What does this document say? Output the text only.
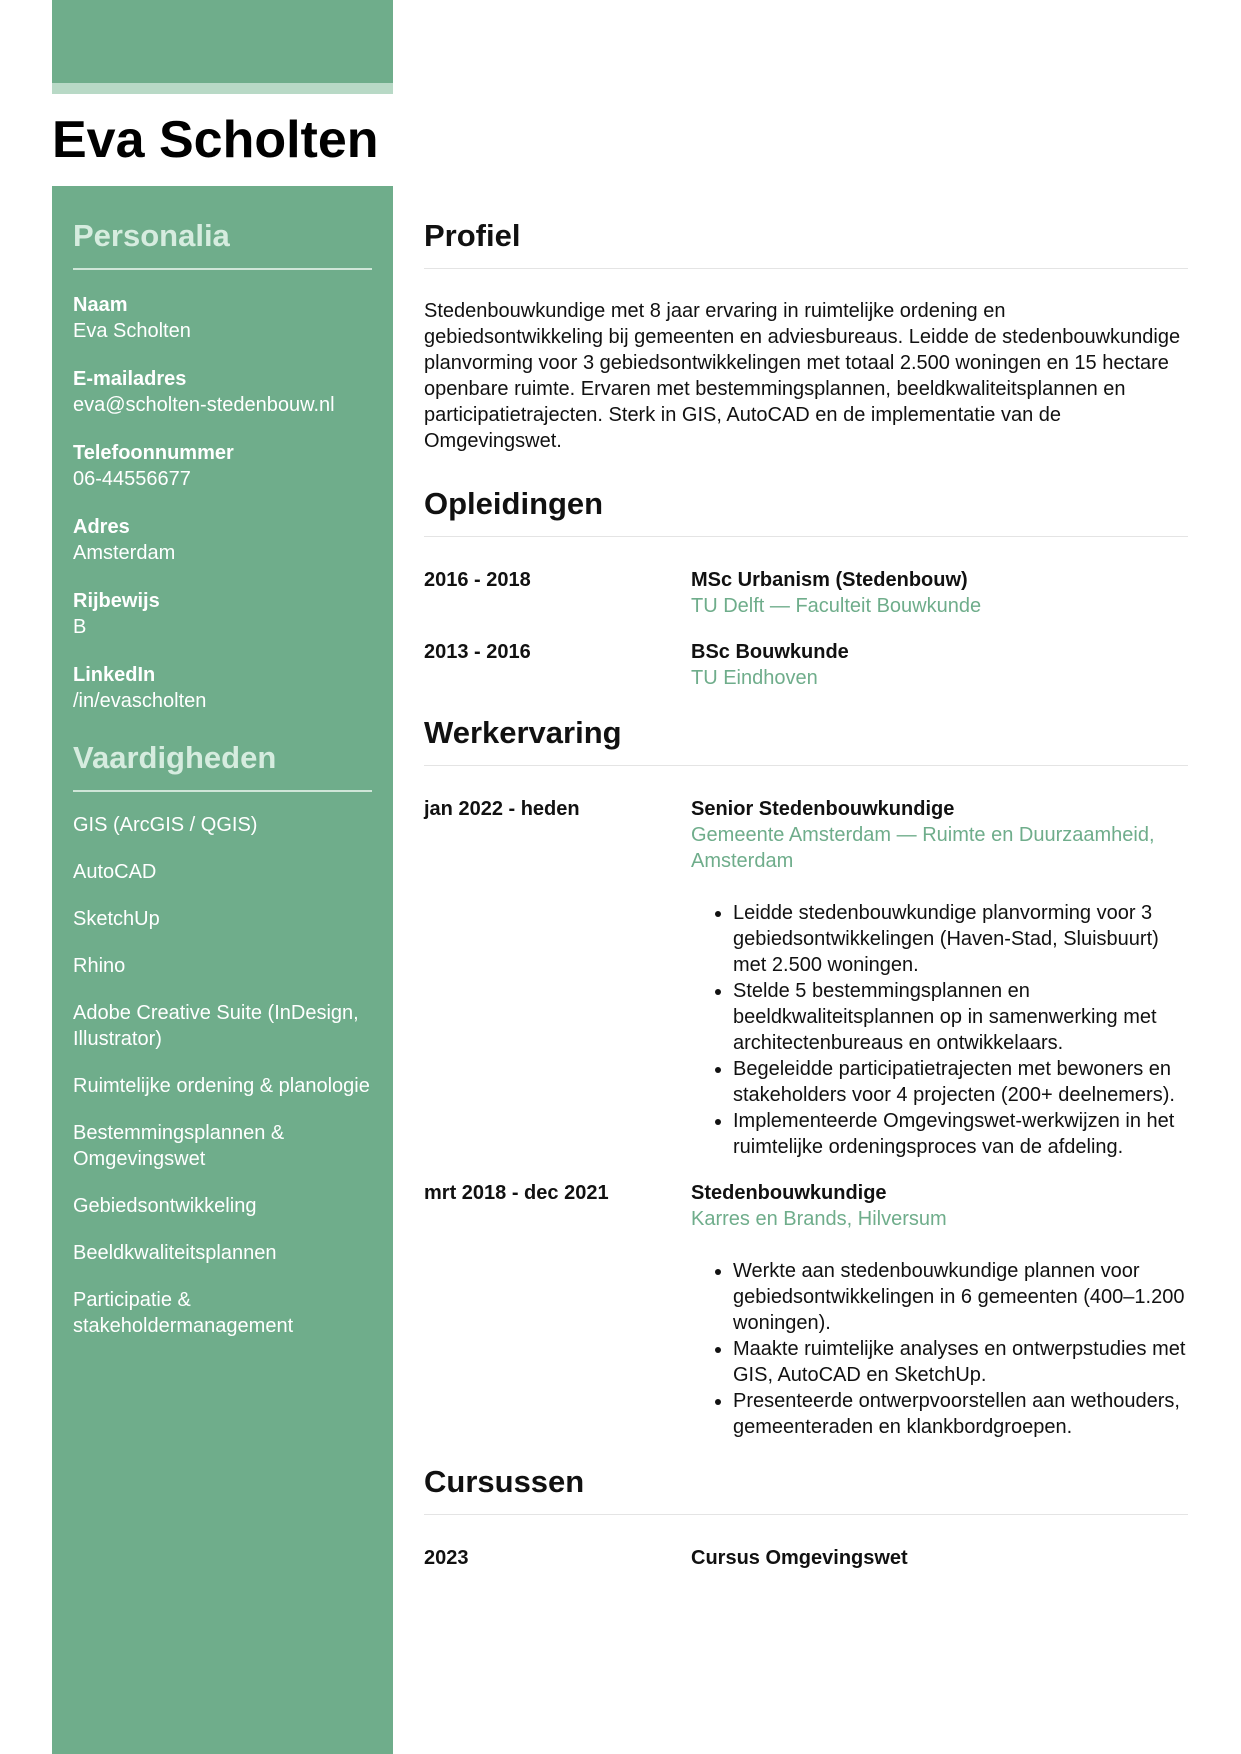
Eva Scholten
Personalia
Naam
Eva Scholten
E-mailadres
eva@scholten-stedenbouw.nl
Telefoonnummer
06-44556677
Adres
Amsterdam
Rijbewijs
B
LinkedIn
/in/evascholten
Vaardigheden
GIS (ArcGIS / QGIS)
AutoCAD
SketchUp
Rhino
Adobe Creative Suite (InDesign, Illustrator)
Ruimtelijke ordening & planologie
Bestemmingsplannen & Omgevingswet
Gebiedsontwikkeling
Beeldkwaliteitsplannen
Participatie & stakeholdermanagement
Profiel

Stedenbouwkundige met 8 jaar ervaring in ruimtelijke ordening en gebiedsontwikkeling bij gemeenten en adviesbureaus. Leidde de stedenbouwkundige planvorming voor 3 gebiedsontwikkelingen met totaal 2.500 woningen en 15 hectare openbare ruimte. Ervaren met bestemmingsplannen, beeldkwaliteitsplannen en participatietrajecten. Sterk in GIS, AutoCAD en de implementatie van de Omgevingswet.

Opleidingen
2016 - 2018	MSc Urbanism (Stedenbouw)
TU Delft — Faculteit Bouwkunde
2013 - 2016	BSc Bouwkunde
TU Eindhoven
Werkervaring
jan 2022 - heden	Senior Stedenbouwkundige
Gemeente Amsterdam — Ruimte en Duurzaamheid, Amsterdam
• Leidde stedenbouwkundige planvorming voor 3 gebiedsontwikkelingen (Haven-Stad, Sluisbuurt) met 2.500 woningen.
• Stelde 5 bestemmingsplannen en beeldkwaliteitsplannen op in samenwerking met architectenbureaus en ontwikkelaars.
• Begeleidde participatietrajecten met bewoners en stakeholders voor 4 projecten (200+ deelnemers).
• Implementeerde Omgevingswet-werkwijzen in het ruimtelijke ordeningsproces van de afdeling.
mrt 2018 - dec 2021	Stedenbouwkundige
Karres en Brands, Hilversum
• Werkte aan stedenbouwkundige plannen voor gebiedsontwikkelingen in 6 gemeenten (400–1.200 woningen).
• Maakte ruimtelijke analyses en ontwerpstudies met GIS, AutoCAD en SketchUp.
• Presenteerde ontwerpvoorstellen aan wethouders, gemeenteraden en klankbordgroepen.
Cursussen
2023	Cursus Omgevingswet
